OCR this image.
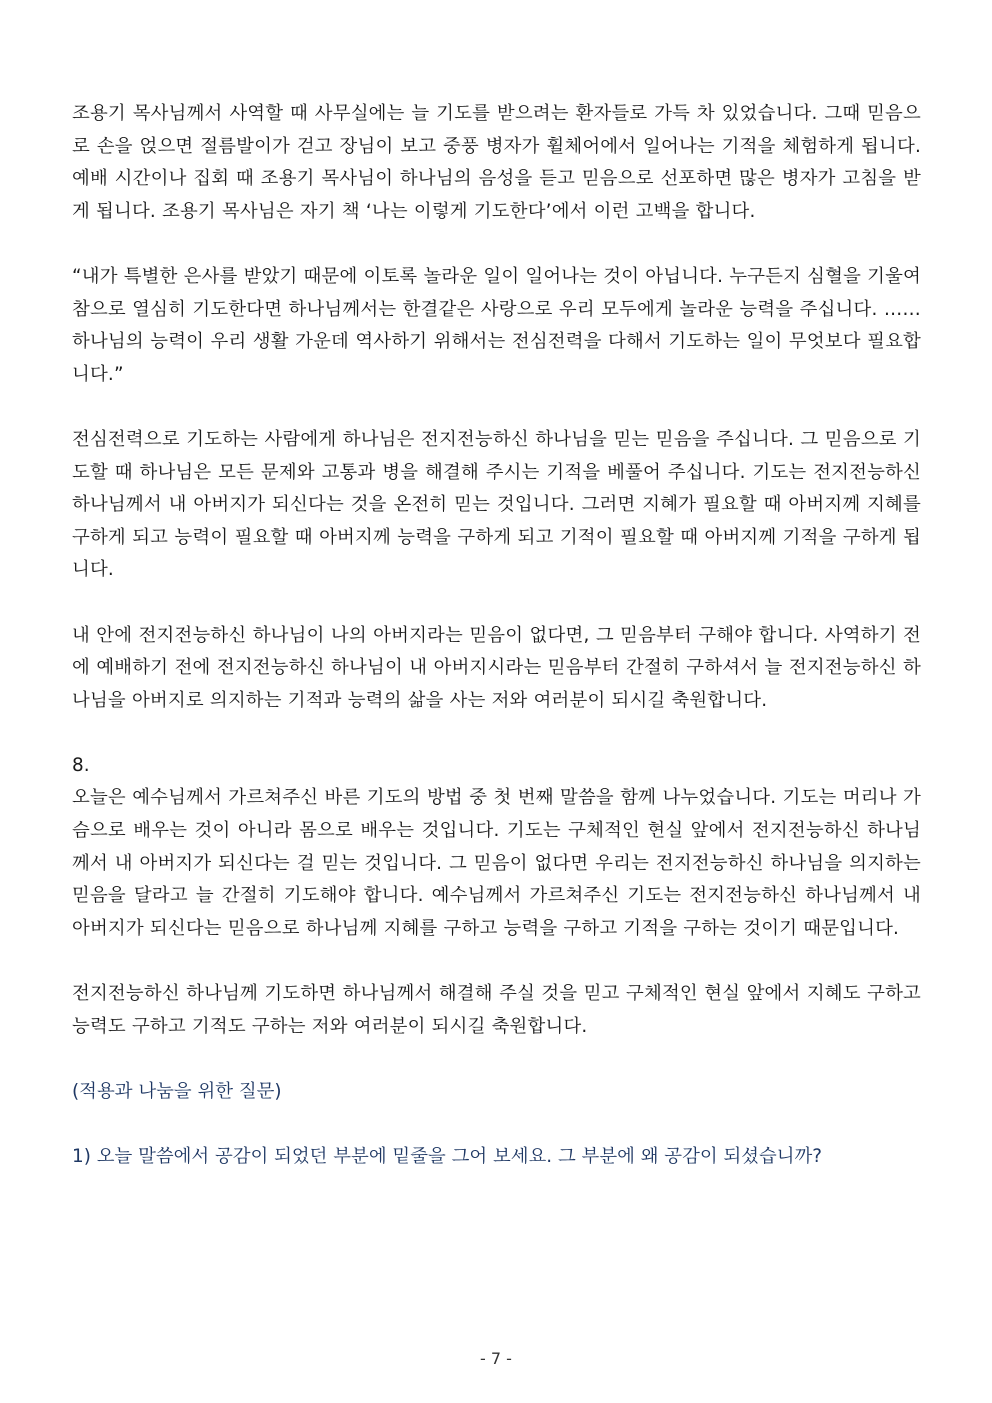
조용기 목사님께서 사역할 때 사무실에는 늘 기도를 받으려는 환자들로 가득 차 있었습니다. 그때 믿음으로 손을 얹으면 절름발이가 걷고 장님이 보고 중풍 병자가 휠체어에서 일어나는 기적을 체험하게 됩니다. 예배 시간이나 집회 때 조용기 목사님이 하나님의 음성을 듣고 믿음으로 선포하면 많은 병자가 고침을 받게 됩니다. 조용기 목사님은 자기 책 ‘나는 이렇게 기도한다’에서 이런 고백을 합니다.

“내가 특별한 은사를 받았기 때문에 이토록 놀라운 일이 일어나는 것이 아닙니다. 누구든지 심혈을 기울여 참으로 열심히 기도한다면 하나님께서는 한결같은 사랑으로 우리 모두에게 놀라운 능력을 주십니다. …… 하나님의 능력이 우리 생활 가운데 역사하기 위해서는 전심전력을 다해서 기도하는 일이 무엇보다 필요합니다.”

전심전력으로 기도하는 사람에게 하나님은 전지전능하신 하나님을 믿는 믿음을 주십니다. 그 믿음으로 기도할 때 하나님은 모든 문제와 고통과 병을 해결해 주시는 기적을 베풀어 주십니다. 기도는 전지전능하신 하나님께서 내 아버지가 되신다는 것을 온전히 믿는 것입니다. 그러면 지혜가 필요할 때 아버지께 지혜를 구하게 되고 능력이 필요할 때 아버지께 능력을 구하게 되고 기적이 필요할 때 아버지께 기적을 구하게 됩니다.

내 안에 전지전능하신 하나님이 나의 아버지라는 믿음이 없다면, 그 믿음부터 구해야 합니다. 사역하기 전에 예배하기 전에 전지전능하신 하나님이 내 아버지시라는 믿음부터 간절히 구하셔서 늘 전지전능하신 하나님을 아버지로 의지하는 기적과 능력의 삶을 사는 저와 여러분이 되시길 축원합니다.

8.

오늘은 예수님께서 가르쳐주신 바른 기도의 방법 중 첫 번째 말씀을 함께 나누었습니다. 기도는 머리나 가슴으로 배우는 것이 아니라 몸으로 배우는 것입니다. 기도는 구체적인 현실 앞에서 전지전능하신 하나님께서 내 아버지가 되신다는 걸 믿는 것입니다. 그 믿음이 없다면 우리는 전지전능하신 하나님을 의지하는 믿음을 달라고 늘 간절히 기도해야 합니다. 예수님께서 가르쳐주신 기도는 전지전능하신 하나님께서 내 아버지가 되신다는 믿음으로 하나님께 지혜를 구하고 능력을 구하고 기적을 구하는 것이기 때문입니다.

전지전능하신 하나님께 기도하면 하나님께서 해결해 주실 것을 믿고 구체적인 현실 앞에서 지혜도 구하고 능력도 구하고 기적도 구하는 저와 여러분이 되시길 축원합니다.

(적용과 나눔을 위한 질문)

1) 오늘 말씀에서 공감이 되었던 부분에 밑줄을 그어 보세요. 그 부분에 왜 공감이 되셨습니까?

- 7 -
